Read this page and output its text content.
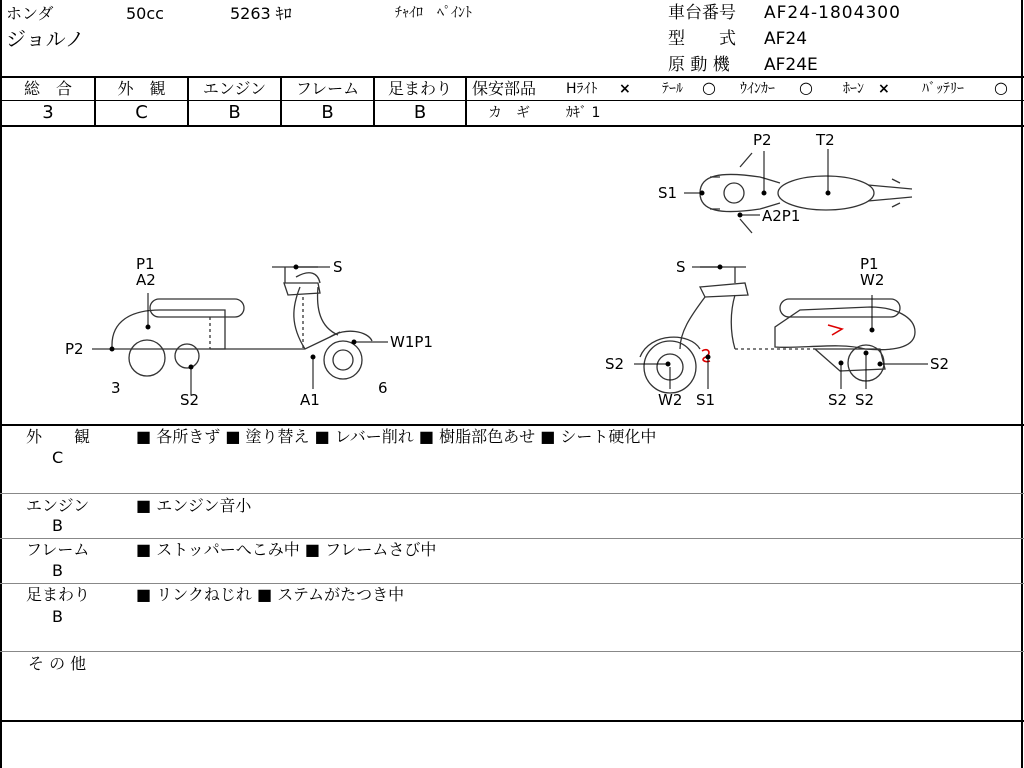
ホンダ	50cc	5263 ｷﾛ	ﾁｬｲﾛ　ﾍﾟｲﾝﾄ
ジョルノ
車台番号 AF24-1804300
型　　式 AF24
原 動 機 AF24E
総　合	外　観	エンジン	フレーム	足まわり
3	C	B	B	B
保安部品 Hﾗｲﾄ × ﾃｰﾙ ○ ｳｲﾝｶｰ ○ ﾎｰﾝ × ﾊﾞｯﾃﾘｰ ○
カ　ギ	ｶｷﾞ 1
P1
A2
S
P2	W1P1
3
S2	A1
6
P2	T2
S1
A2P1
S	P1
W2
S2	S2
W2 S1	S2 S2
外　　観
C
■ 各所きず ■ 塗り替え ■ レバー削れ ■ 樹脂部色あせ ■ シート硬化中
エンジン
B
■ エンジン音小
フレーム
B
■ ストッパーへこみ中 ■ フレームさび中
足まわり
B
■ リンクねじれ ■ ステムがたつき中
そ の 他
